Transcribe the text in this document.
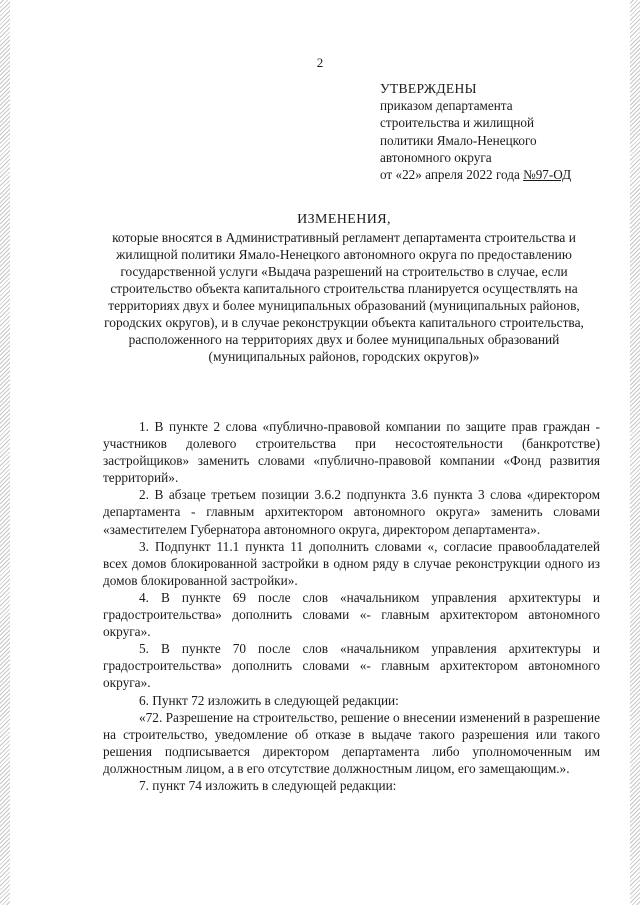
2
УТВЕРЖДЕНЫ
приказом департамента
строительства и жилищной
политики Ямало-Ненецкого
автономного округа
от «22» апреля 2022 года №97-ОД
ИЗМЕНЕНИЯ,
которые вносятся в Административный регламент департамента строительства и жилищной политики Ямало-Ненецкого автономного округа по предоставлению государственной услуги «Выдача разрешений на строительство в случае, если строительство объекта капитального строительства планируется осуществлять на территориях двух и более муниципальных образований (муниципальных районов, городских округов), и в случае реконструкции объекта капитального строительства, расположенного на территориях двух и более муниципальных образований (муниципальных районов, городских округов)»

1. В пункте 2 слова «публично-правовой компании по защите прав граждан - участников долевого строительства при несостоятельности (банкротстве) застройщиков» заменить словами «публично-правовой компании «Фонд развития территорий».

2. В абзаце третьем позиции 3.6.2 подпункта 3.6 пункта 3 слова «директором департамента - главным архитектором автономного округа» заменить словами «заместителем Губернатора автономного округа, директором департамента».

3. Подпункт 11.1 пункта 11 дополнить словами «, согласие правообладателей всех домов блокированной застройки в одном ряду в случае реконструкции одного из домов блокированной застройки».

4. В пункте 69 после слов «начальником управления архитектуры и градостроительства» дополнить словами «- главным архитектором автономного округа».

5. В пункте 70 после слов «начальником управления архитектуры и градостроительства» дополнить словами «- главным архитектором автономного округа».

6. Пункт 72 изложить в следующей редакции:

«72. Разрешение на строительство, решение о внесении изменений в разрешение на строительство, уведомление об отказе в выдаче такого разрешения или такого решения подписывается директором департамента либо уполномоченным им должностным лицом, а в его отсутствие должностным лицом, его замещающим.».

7. пункт 74 изложить в следующей редакции:
